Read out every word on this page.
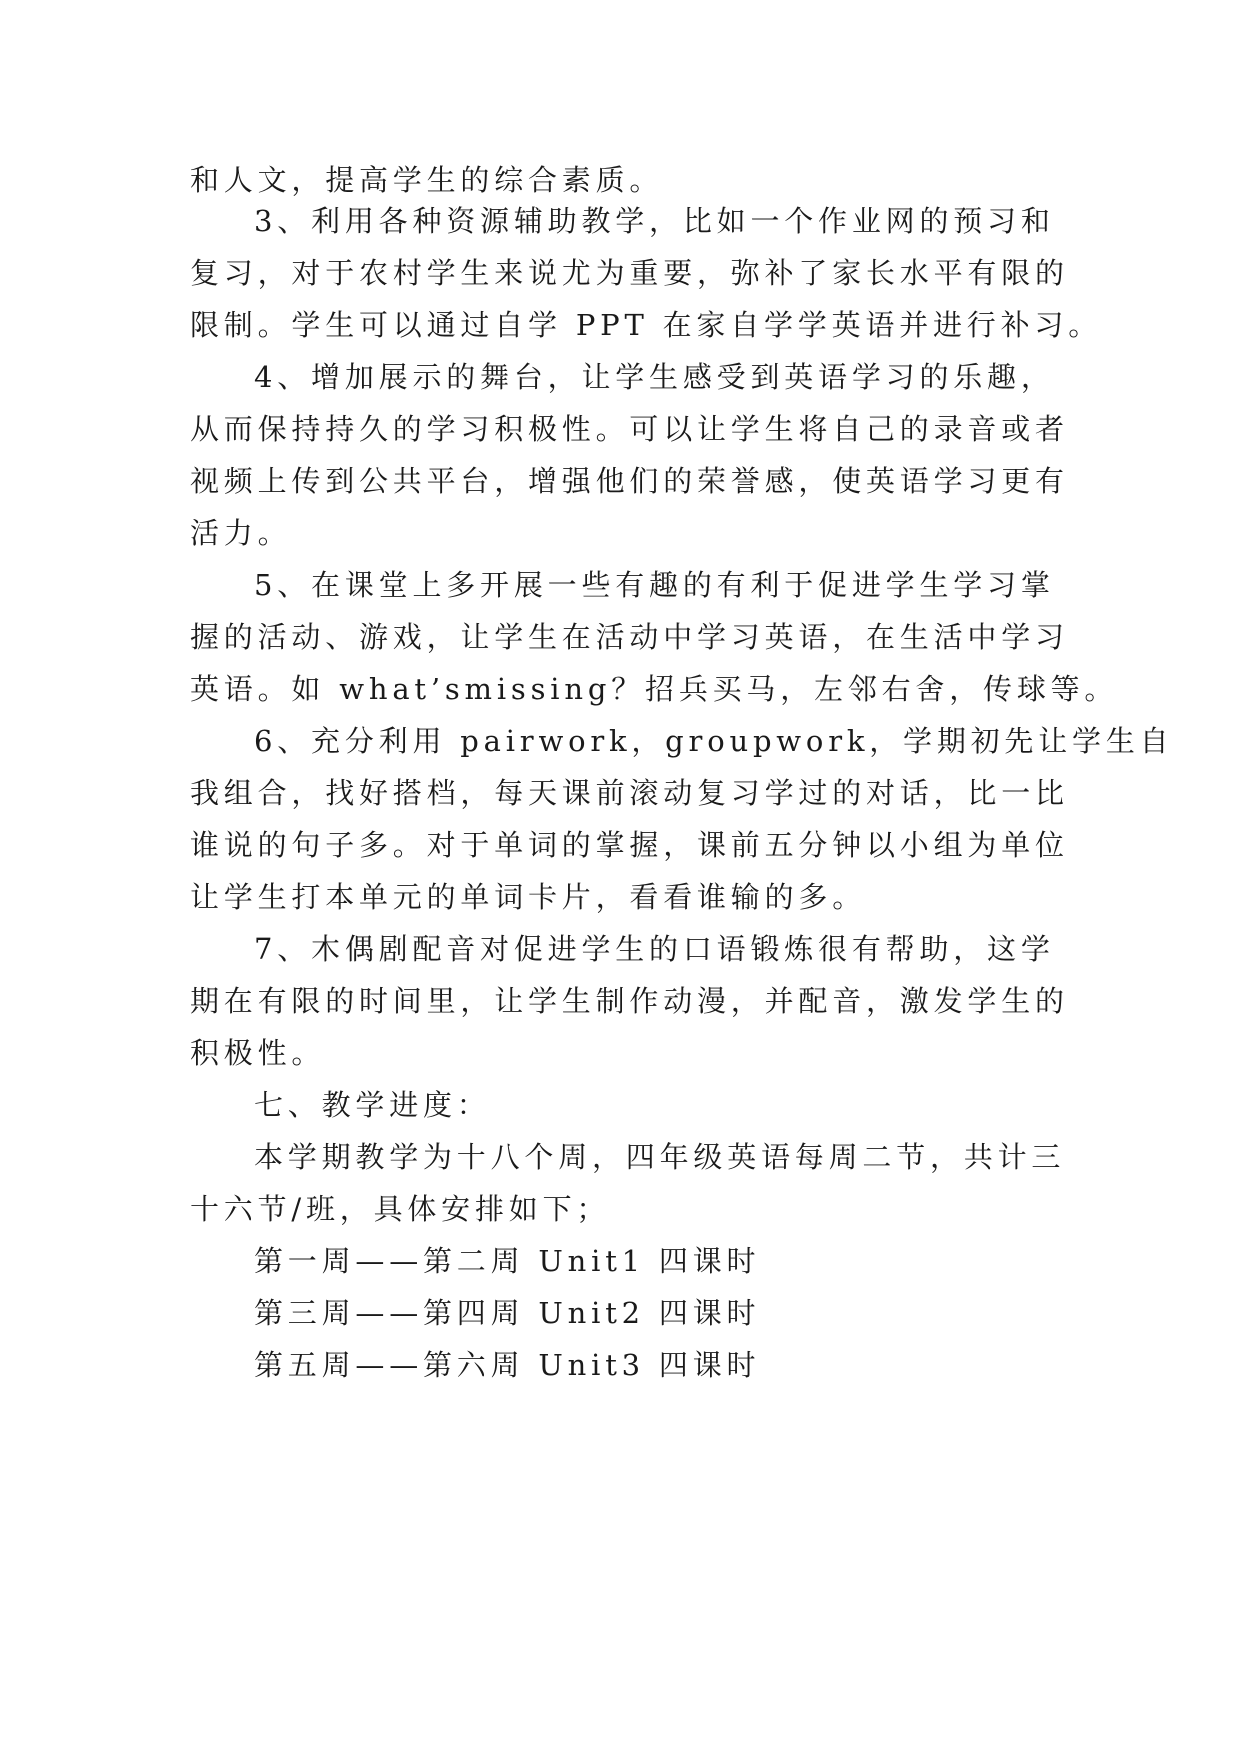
和人文，提高学生的综合素质。
3、利用各种资源辅助教学，比如一个作业网的预习和
复习，对于农村学生来说尤为重要，弥补了家长水平有限的
限制。学生可以通过自学 PPT 在家自学学英语并进行补习。
4、增加展示的舞台，让学生感受到英语学习的乐趣，
从而保持持久的学习积极性。可以让学生将自己的录音或者
视频上传到公共平台，增强他们的荣誉感，使英语学习更有
活力。
5、在课堂上多开展一些有趣的有利于促进学生学习掌
握的活动、游戏，让学生在活动中学习英语，在生活中学习
英语。如 what’smissing？招兵买马，左邻右舍，传球等。
6、充分利用 pairwork，groupwork，学期初先让学生自
我组合，找好搭档，每天课前滚动复习学过的对话，比一比
谁说的句子多。对于单词的掌握，课前五分钟以小组为单位
让学生打本单元的单词卡片，看看谁输的多。
7、木偶剧配音对促进学生的口语锻炼很有帮助，这学
期在有限的时间里，让学生制作动漫，并配音，激发学生的
积极性。
七、教学进度：
本学期教学为十八个周，四年级英语每周二节，共计三
十六节/班，具体安排如下；
第一周——第二周 Unit1 四课时
第三周——第四周 Unit2 四课时
第五周——第六周 Unit3 四课时
